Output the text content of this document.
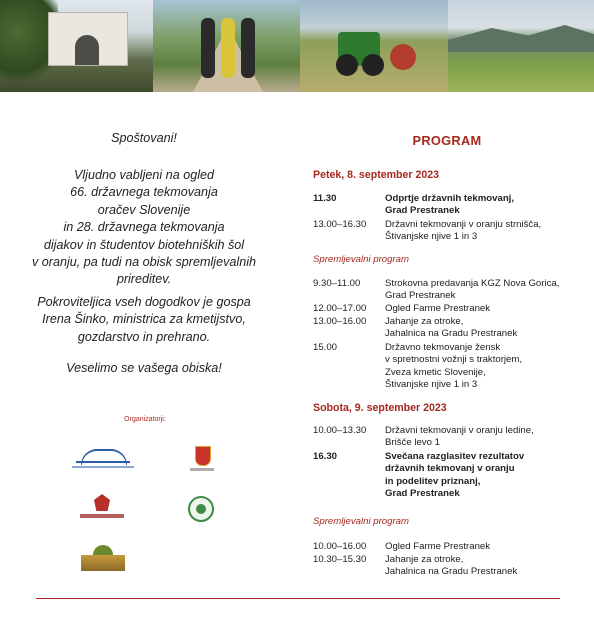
Spoštovani!

Vljudno vabljeni na ogled
66. državnega tekmovanja
oračev Slovenije
in 28. državnega tekmovanja
dijakov in študentov biotehniških šol
v oranju, pa tudi na obisk spremljevalnih
prireditev.

Pokroviteljica vseh dogodkov je gospa
Irena Šinko, ministrica za kmetijstvo,
gozdarstvo in prehrano.

Veselimo se vašega obiska!

Organizatorji:
PROGRAM
Petek, 8. september 2023
11.30	Odprtje državnih tekmovanj,
Grad Prestranek
13.00–16.30	Državni tekmovanji v oranju strnišča,
Štivanjske njive 1 in 3
Spremljevalni program
9.30–11.00	Strokovna predavanja KGZ Nova Gorica,
Grad Prestranek
12.00–17.00	Ogled Farme Prestranek
13.00–16.00	Jahanje za otroke,
Jahalnica na Gradu Prestranek
15.00	Državno tekmovanje žensk
v spretnostni vožnji s traktorjem,
Zveza kmetic Slovenije,
Štivanjske njive 1 in 3
Sobota, 9. september 2023
10.00–13.30	Državni tekmovanji v oranju ledine,
Brišče levo 1
16.30	Svečana razglasitev rezultatov
državnih tekmovanj v oranju
in podelitev priznanj,
Grad Prestranek
Spremljevalni program
10.00–16.00	Ogled Farme Prestranek
10.30–15.30	Jahanje za otroke,
Jahalnica na Gradu Prestranek
